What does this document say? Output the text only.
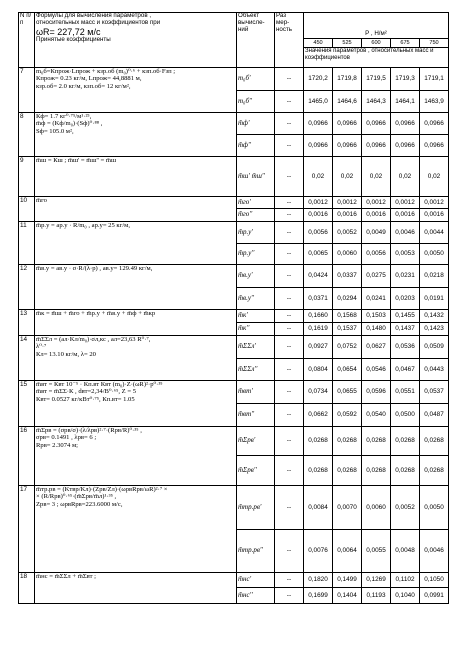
N п/п	Формулы для вычисления параметров ,
относительных масс и коэффициентов при
ωR= 227,72 м/с
Принятые коэффициенты	Объект
вычисле-
ний	Раз
мер-
ность	P , Н/м²				
				450	525	600	675	750
				Значения параметров , относительных масс и коэффициентов				
7	m₀б=Кпрож·Lпрож + кзр.об (m₀)⁰·⁶ + кзп.об·Fзп ;
Кпрож= 0.23 кг/м, Lпрож= 44,8881 м,
кзр.об= 2.0 кг/м, кзп.об= 12 кг/м²,	m₀б'	--	1720,2	1719,8	1719,5	1719,3	1719,1
		m₀б''	--	1465,0	1464,6	1464,3	1464,1	1463,9
8	Кф= 1.7 кг⁰·⁷⁵/м¹·²⁵,
m̄ф = (Kф/m₀)·(Sф)⁰·⁸⁸ ,
Sф= 105.0 м²,	m̄ф'	--	0,0966	0,0966	0,0966	0,0966	0,0966
		m̄ф''	--	0,0966	0,0966	0,0966	0,0966	0,0966
9	m̄ш = Кш ; m̄ш' = m̄ш'' = m̄ш	m̄ш' m̄ш''	--	0,02	0,02	0,02	0,02	0,02
10	m̄го	m̄го'	--	0,0012	0,0012	0,0012	0,0012	0,0012
		m̄го''	--	0,0016	0,0016	0,0016	0,0016	0,0016
11	m̄р.у = aр.у · R/m₀ , aр.у= 25 кг/м,	m̄р.у'	--	0,0056	0,0052	0,0049	0,0046	0,0044
		m̄р.у''	--	0,0065	0,0060	0,0056	0,0053	0,0050
12	m̄в.у = aв.у · σ·R/(λ·p) , aв.у= 129.49 кг/м,	m̄в.у'	--	0,0424	0,0337	0,0275	0,0231	0,0218
		m̄в.у''	--	0,0371	0,0294	0,0241	0,0203	0,0191
13	m̄к = m̄ш + m̄го + m̄р.у + m̄в.у + m̄ф + m̄кр	m̄к'	--	0,1660	0,1568	0,1503	0,1455	0,1432
		m̄к''	--	0,1619	0,1537	0,1480	0,1437	0,1423
14	m̄ΣΣл = (aл·Kл/m₀)·σл,кс , aл=23,63 R⁰·⁷,
λ⁰·⁷
Кл= 13.10 кг/м, λ= 20	m̄ΣΣл'	--	0,0927	0,0752	0,0627	0,0536	0,0509
		m̄ΣΣл''	--	0,0804	0,0654	0,0546	0,0467	0,0443
15	m̄вт = Квт 10⁻⁵ · Кп.вт Квт (m₀)·Z·(ωR)²·p⁰·³⁵
m̄вт = m̄ΣΣ·К , dвт=2,34/В⁰·⁶⁵, Z = 5
Квт= 0.0527 кг/кВт⁰·⁷⁵, Кп.вт= 1.05	m̄вт'	--	0,0734	0,0655	0,0596	0,0551	0,0537
		m̄вт''	--	0,0662	0,0592	0,0540	0,0500	0,0487
16	m̄Σрв = (σрв/σ)·(λ/λрв)²·⁷·(Rрв/R)⁰·³⁵ ,
σрв= 0.1491 , λрв= 6 ;
Rрв= 2.3074 м;	m̄Σрв'	--	0,0268	0,0268	0,0268	0,0268	0,0268
		m̄Σрв''	--	0,0268	0,0268	0,0268	0,0268	0,0268
17	m̄тр.рв = (Kтвр/Kл)·(Zрв/Zл)·(ωрвRрв/ωR)²·⁷ ×
× (R/Rрв)⁰·⁶⁵·(m̄Σрв/m̄л)¹·³⁵ ,
Zрв= 3 ; ωрвRрв=223.6000 м/с,	m̄тр.рв'	--	0,0084	0,0070	0,0060	0,0052	0,0050
		m̄тр.рв''	--	0,0076	0,0064	0,0055	0,0048	0,0046
18	m̄нс = m̄ΣΣл + m̄Σвт ;	m̄нс'	--	0,1820	0,1499	0,1269	0,1102	0,1050
		m̄нс''	--	0,1699	0,1404	0,1193	0,1040	0,0991
